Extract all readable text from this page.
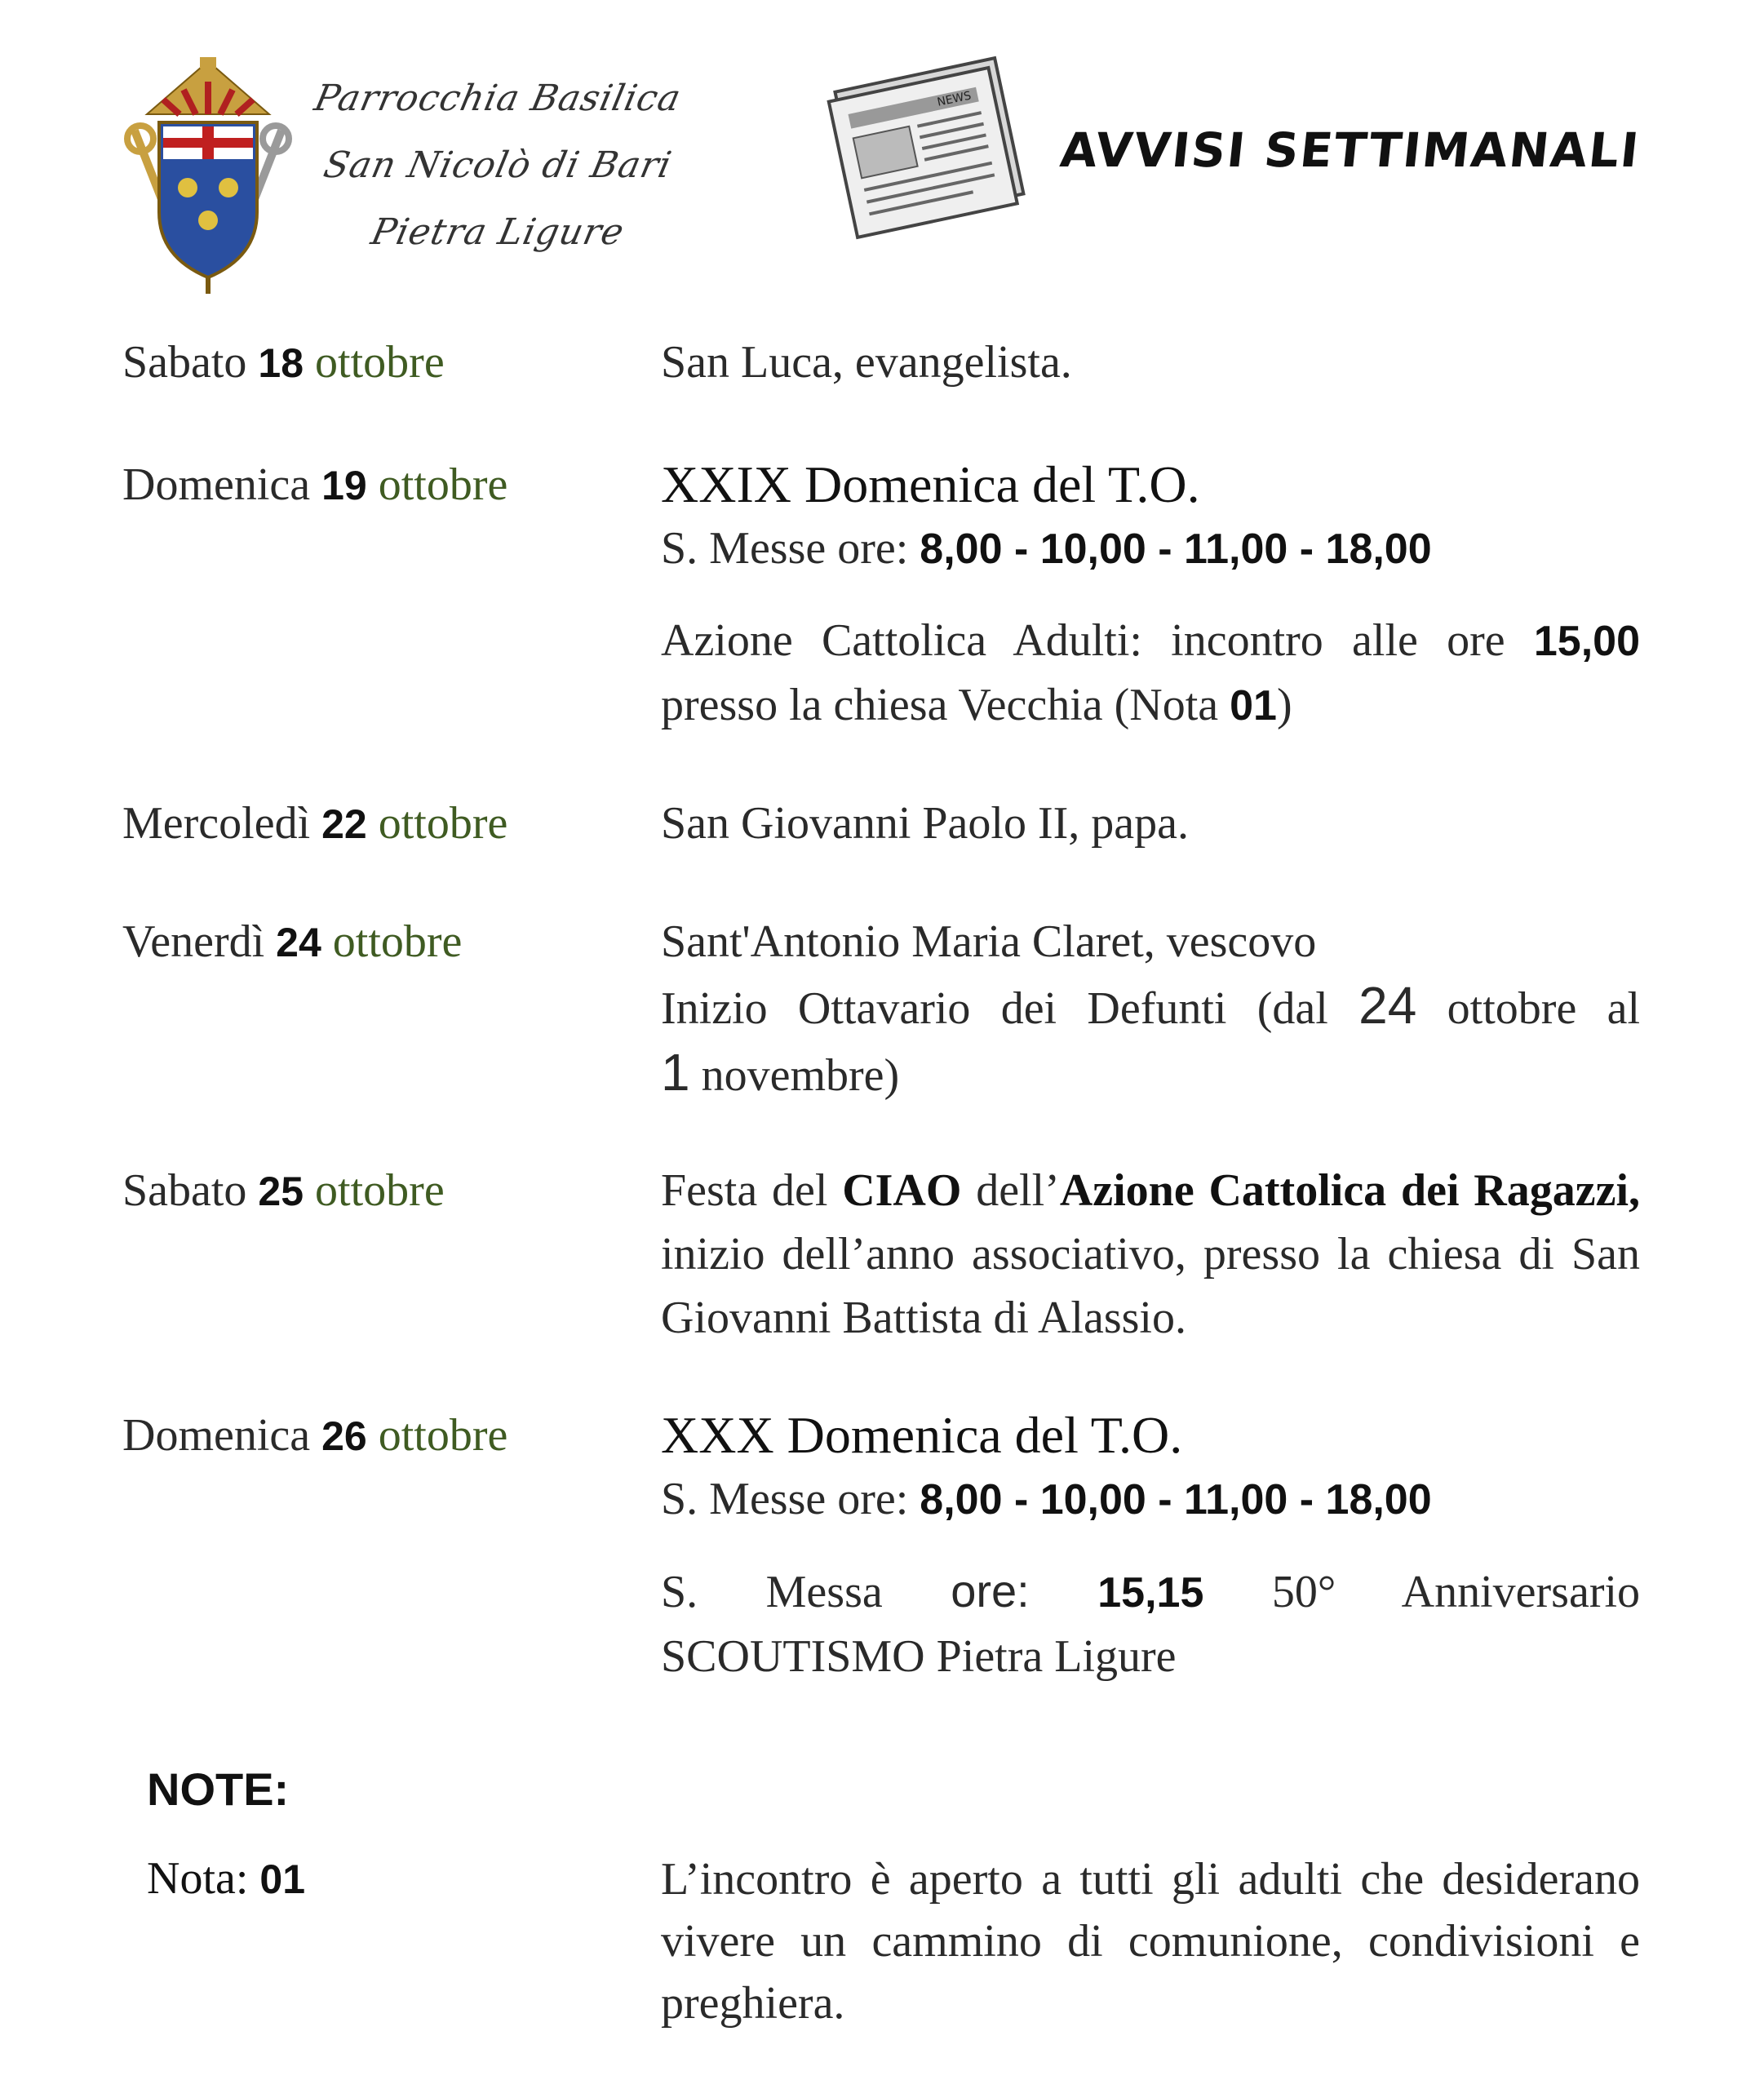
Parrocchia Basilica
San Nicolò di Bari
Pietra Ligure
NEWS
AVVISI SETTIMANALI
Sabato 18 ottobre	San Luca, evangelista.

Domenica 19 ottobre	XXIX Domenica del T.O.

S. Messe ore: 8,00 - 10,00 - 11,00 - 18,00

Azione Cattolica Adulti: incontro alle ore 15,00

presso la chiesa Vecchia (Nota 01)

Mercoledì 22 ottobre	San Giovanni Paolo II, papa.

Venerdì 24 ottobre	Sant'Antonio Maria Claret, vescovo

Inizio Ottavario dei Defunti (dal 24 ottobre al

1 novembre)

Sabato 25 ottobre	Festa del CIAO dell’Azione Cattolica dei Ragazzi, inizio dell’anno associativo, presso la chiesa di San Giovanni Battista di Alassio.

Domenica 26 ottobre	XXX Domenica del T.O.

S. Messe ore: 8,00 - 10,00 - 11,00 - 18,00

S. Messa ore: 15,15 50° Anniversario

SCOUTISMO Pietra Ligure

NOTE:
Nota: 01	L’incontro è aperto a tutti gli adulti che desiderano vivere un cammino di comunione, condivisioni e preghiera.
